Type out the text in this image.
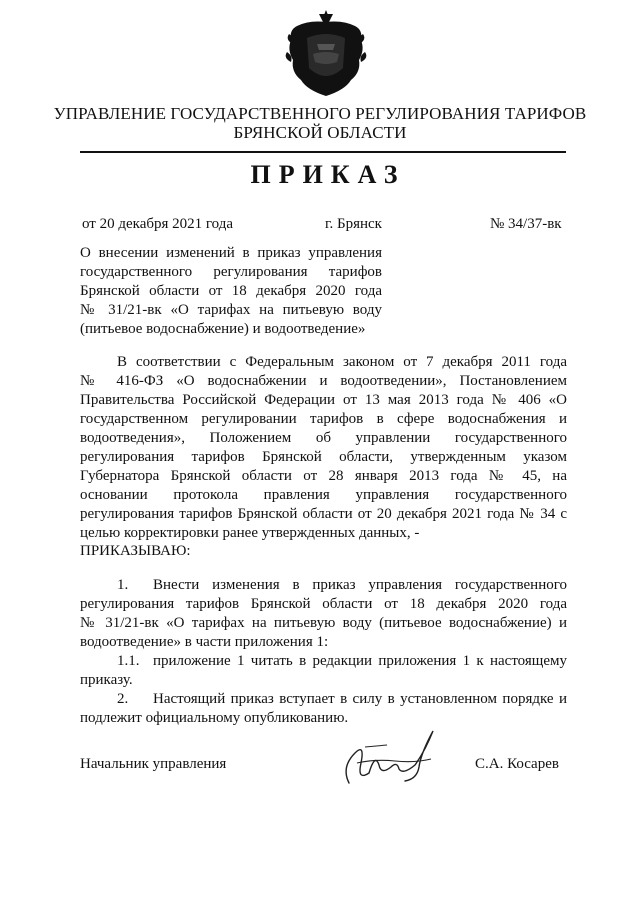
УПРАВЛЕНИЕ ГОСУДАРСТВЕННОГО РЕГУЛИРОВАНИЯ ТАРИФОВ
БРЯНСКОЙ ОБЛАСТИ
ПРИКАЗ
от 20 декабря 2021 года	г. Брянск	№ 34/37-вк
О внесении изменений в приказ управления
государственного регулирования тарифов
Брянской области от 18 декабря 2020 года
№ 31/21-вк «О тарифах на питьевую воду
(питьевое водоснабжение) и водоотведение»
В соответствии с Федеральным законом от 7 декабря 2011 года
№ 416-ФЗ «О водоснабжении и водоотведении», Постановлением
Правительства Российской Федерации от 13 мая 2013 года № 406 «О
государственном регулировании тарифов в сфере водоснабжения и
водоотведения», Положением об управлении государственного
регулирования тарифов Брянской области, утвержденным указом
Губернатора Брянской области от 28 января 2013 года № 45, на
основании протокола правления управления государственного
регулирования тарифов Брянской области от 20 декабря 2021 года № 34 с
целью корректировки ранее утвержденных данных, -
ПРИКАЗЫВАЮ:
1. Внести изменения в приказ управления государственного
регулирования тарифов Брянской области от 18 декабря 2020 года
№ 31/21-вк «О тарифах на питьевую воду (питьевое водоснабжение) и
водоотведение» в части приложения 1:
1.1. приложение 1 читать в редакции приложения 1 к настоящему
приказу.
2. Настоящий приказ вступает в силу в установленном порядке и
подлежит официальному опубликованию.
Начальник управления	С.А. Косарев
